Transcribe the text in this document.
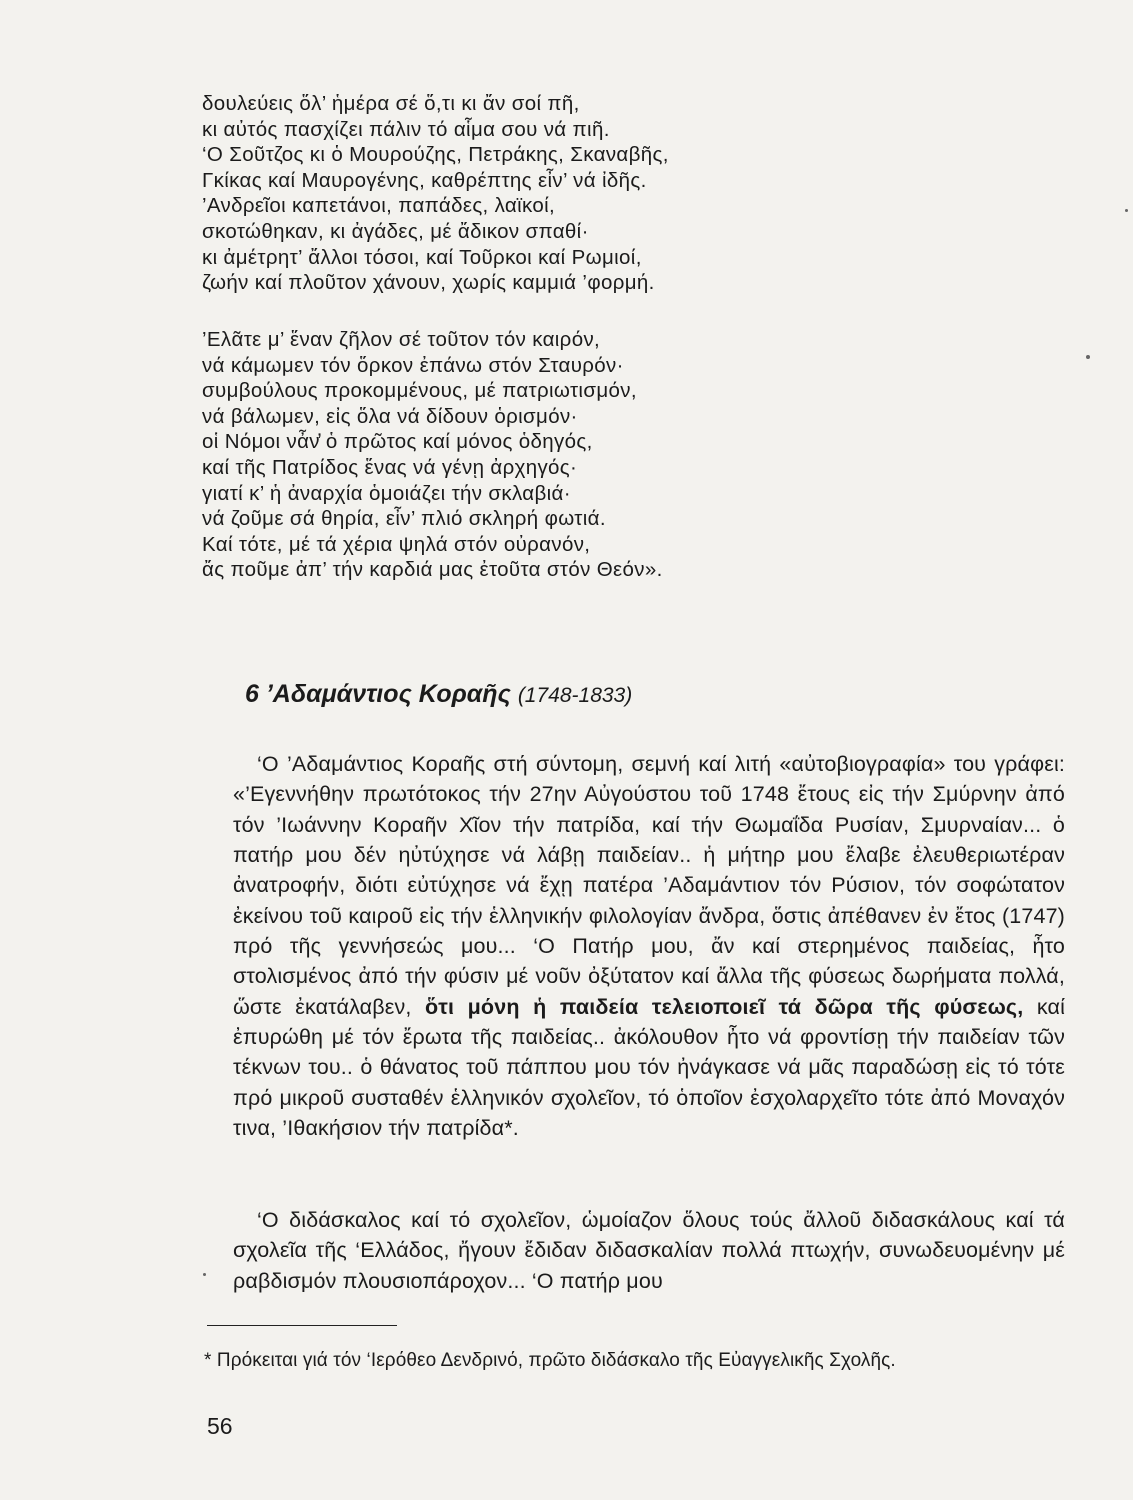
δουλεύεις ὅλ’ ἡμέρα σέ ὅ,τι κι ἄν σοί πῆ,
κι αὐτός πασχίζει πάλιν τό αἷμα σου νά πιῆ.
‘Ο Σοῦτζος κι ὁ Μουρούζης, Πετράκης, Σκαναβῆς,
Γκίκας καί Μαυρογένης, καθρέπτης εἶν’ νά ἰδῆς.
’Ανδρεῖοι καπετάνοι, παπάδες, λαϊκοί,
σκοτώθηκαν, κι ἀγάδες, μέ ἄδικον σπαθί·
κι ἀμέτρητ’ ἄλλοι τόσοι, καί Τοῦρκοι καί Ρωμιοί,
ζωήν καί πλοῦτον χάνουν, χωρίς καμμιά ’φορμή.
’Ελᾶτε μ’ ἕναν ζῆλον σέ τοῦτον τόν καιρόν,
νά κάμωμεν τόν ὅρκον ἐπάνω στόν Σταυρόν·
συμβούλους προκομμένους, μέ πατριωτισμόν,
νά βάλωμεν, εἰς ὅλα νά δίδουν ὁρισμόν·
οἱ Νόμοι νἆν̓ ὁ πρῶτος καί μόνος ὁδηγός,
καί τῆς Πατρίδος ἕνας νά γένῃ ἀρχηγός·
γιατί κ’ ἡ ἀναρχία ὁμοιάζει τήν σκλαβιά·
νά ζοῦμε σά θηρία, εἶν’ πλιό σκληρή φωτιά.
Καί τότε, μέ τά χέρια ψηλά στόν οὐρανόν,
ἄς ποῦμε ἀπ’ τήν καρδιά μας ἐτοῦτα στόν Θεόν».
6 ’Αδαμάντιος Κοραῆς (1748-1833)

‘Ο ’Αδαμάντιος Κοραῆς στή σύντομη, σεμνή καί λιτή «αὐτοβιογραφία» του γράφει: «’Εγεννήθην πρωτότοκος τήν 27ην Αὐγούστου τοῦ 1748 ἔτους εἰς τήν Σμύρνην ἀπό τόν ’Ιωάννην Κοραῆν Χῖον τήν πατρίδα, καί τήν Θωμαΐδα Ρυσίαν, Σμυρναίαν... ὁ πατήρ μου δέν ηὐτύχησε νά λάβῃ παιδείαν.. ἡ μήτηρ μου ἔλαβε ἐλευθεριωτέραν ἀνατροφήν, διότι εὐτύχησε νά ἔχῃ πατέρα ’Αδαμάντιον τόν Ρύσιον, τόν σοφώτατον ἐκείνου τοῦ καιροῦ εἰς τήν ἑλληνικήν φιλολογίαν ἄνδρα, ὅστις ἀπέθανεν ἐν ἔτος (1747) πρό τῆς γεννήσεώς μου... ‘Ο Πατήρ μου, ἄν καί στερημένος παιδείας, ἦτο στολισμένος ἀπό τήν φύσιν μέ νοῦν ὀξύτατον καί ἄλλα τῆς φύσεως δωρήματα πολλά, ὥστε ἐκατάλαβεν, ὅτι μόνη ἡ παιδεία τελειοποιεῖ τά δῶρα τῆς φύσεως, καί ἐπυρώθη μέ τόν ἔρωτα τῆς παιδείας.. ἀκόλουθον ἦτο νά φροντίσῃ τήν παιδείαν τῶν τέκνων του.. ὁ θάνατος τοῦ πάππου μου τόν ἠνάγκασε νά μᾶς παραδώσῃ εἰς τό τότε πρό μικροῦ συσταθέν ἑλληνικόν σχολεῖον, τό ὁποῖον ἐσχολαρχεῖτο τότε ἀπό Μοναχόν τινα, ’Ιθακήσιον τήν πατρίδα*.

‘Ο διδάσκαλος καί τό σχολεῖον, ὡμοίαζον ὅλους τούς ἄλλοῦ διδασκάλους καί τά σχολεῖα τῆς ‘Ελλάδος, ἤγουν ἔδιδαν διδασκαλίαν πολλά πτωχήν, συνωδευομένην μέ ραβδισμόν πλουσιοπάροχον... ‘Ο πατήρ μου

* Πρόκειται γιά τόν ‘Ιερόθεο Δενδρινό, πρῶτο διδάσκαλο τῆς Εὐαγγελικῆς Σχολῆς.
56
